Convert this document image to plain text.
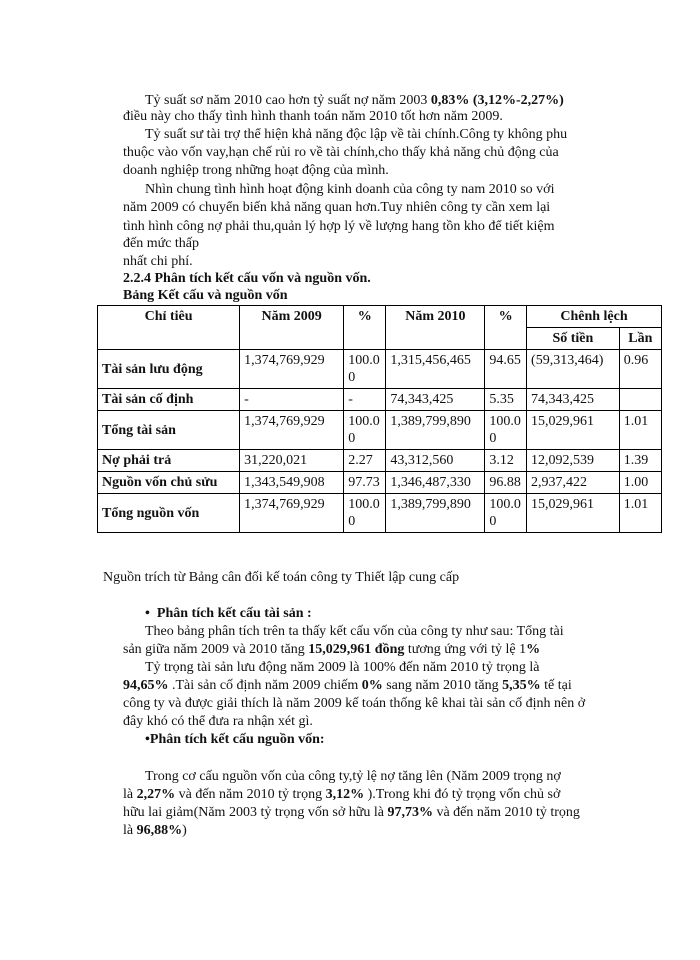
Tỷ suất sơ năm 2010 cao hơn tỷ suất nợ năm 2003 0,83% (3,12%-2,27%)
điều này cho thấy tình hình thanh toán năm 2010 tốt hơn năm 2009.
Tỷ suất sư tài trợ thể hiện khả năng độc lập về tài chính.Công ty không phu
thuộc vào vốn vay,hạn chế rủi ro về tài chính,cho thấy khả năng chủ động của
doanh nghiệp trong những hoạt động của mình.
Nhìn chung tình hình hoạt động kinh doanh của công ty nam 2010 so với
năm 2009 có chuyển biến khả năng quan hơn.Tuy nhiên công ty cần xem lại
tình hình công nợ phải thu,quản lý hợp lý về lượng hang tồn kho để tiết kiệm
đến mức thấp
nhất chi phí.
2.2.4 Phân tích kết cấu vốn và nguồn vốn.
Bảng Kết cấu và nguồn vốn
Chỉ tiêu	Năm 2009	%	Năm 2010	%	Chênh lệch	
					Số tiền	Lần
Tài sản lưu động	1,374,769,929	100.00	1,315,456,465	94.65	(59,313,464)	0.96
Tài sản cố định	-	-	74,343,425	5.35	74,343,425	
Tổng tài sản	1,374,769,929	100.00	1,389,799,890	100.00	15,029,961	1.01
Nợ phải trả	31,220,021	2.27	43,312,560	3.12	12,092,539	1.39
Nguồn vốn chủ sửu	1,343,549,908	97.73	1,346,487,330	96.88	2,937,422	1.00
Tổng nguồn vốn	1,374,769,929	100.00	1,389,799,890	100.00	15,029,961	1.01
Nguồn trích từ Bảng cân đối kế toán công ty Thiết lập cung cấp
• Phân tích kết cấu tài sản :
Theo bảng phân tích trên ta thấy kết cấu vốn của công ty như sau: Tổng tài
sản giữa năm 2009 và 2010 tăng 15,029,961 đồng tương ứng với tỷ lệ 1%
Tỷ trọng tài sản lưu động năm 2009 là 100% đến năm 2010 tỷ trọng là
94,65% .Tài sản cố định năm 2009 chiếm 0% sang năm 2010 tăng 5,35% tế tại
công ty và được giải thích là năm 2009 kế toán thống kê khai tài sản cố định nên ở
đây khó có thể đưa ra nhận xét gì.
•Phân tích kết cấu nguồn vốn:
Trong cơ cấu nguồn vốn của công ty,tỷ lệ nợ tăng lên (Năm 2009 trọng nợ
là 2,27% và đến năm 2010 tỷ trọng 3,12% ).Trong khi đó tỷ trọng vốn chủ sở
hữu lai giảm(Năm 2003 tỷ trọng vốn sở hữu là 97,73% và đến năm 2010 tỷ trọng
là 96,88%)
